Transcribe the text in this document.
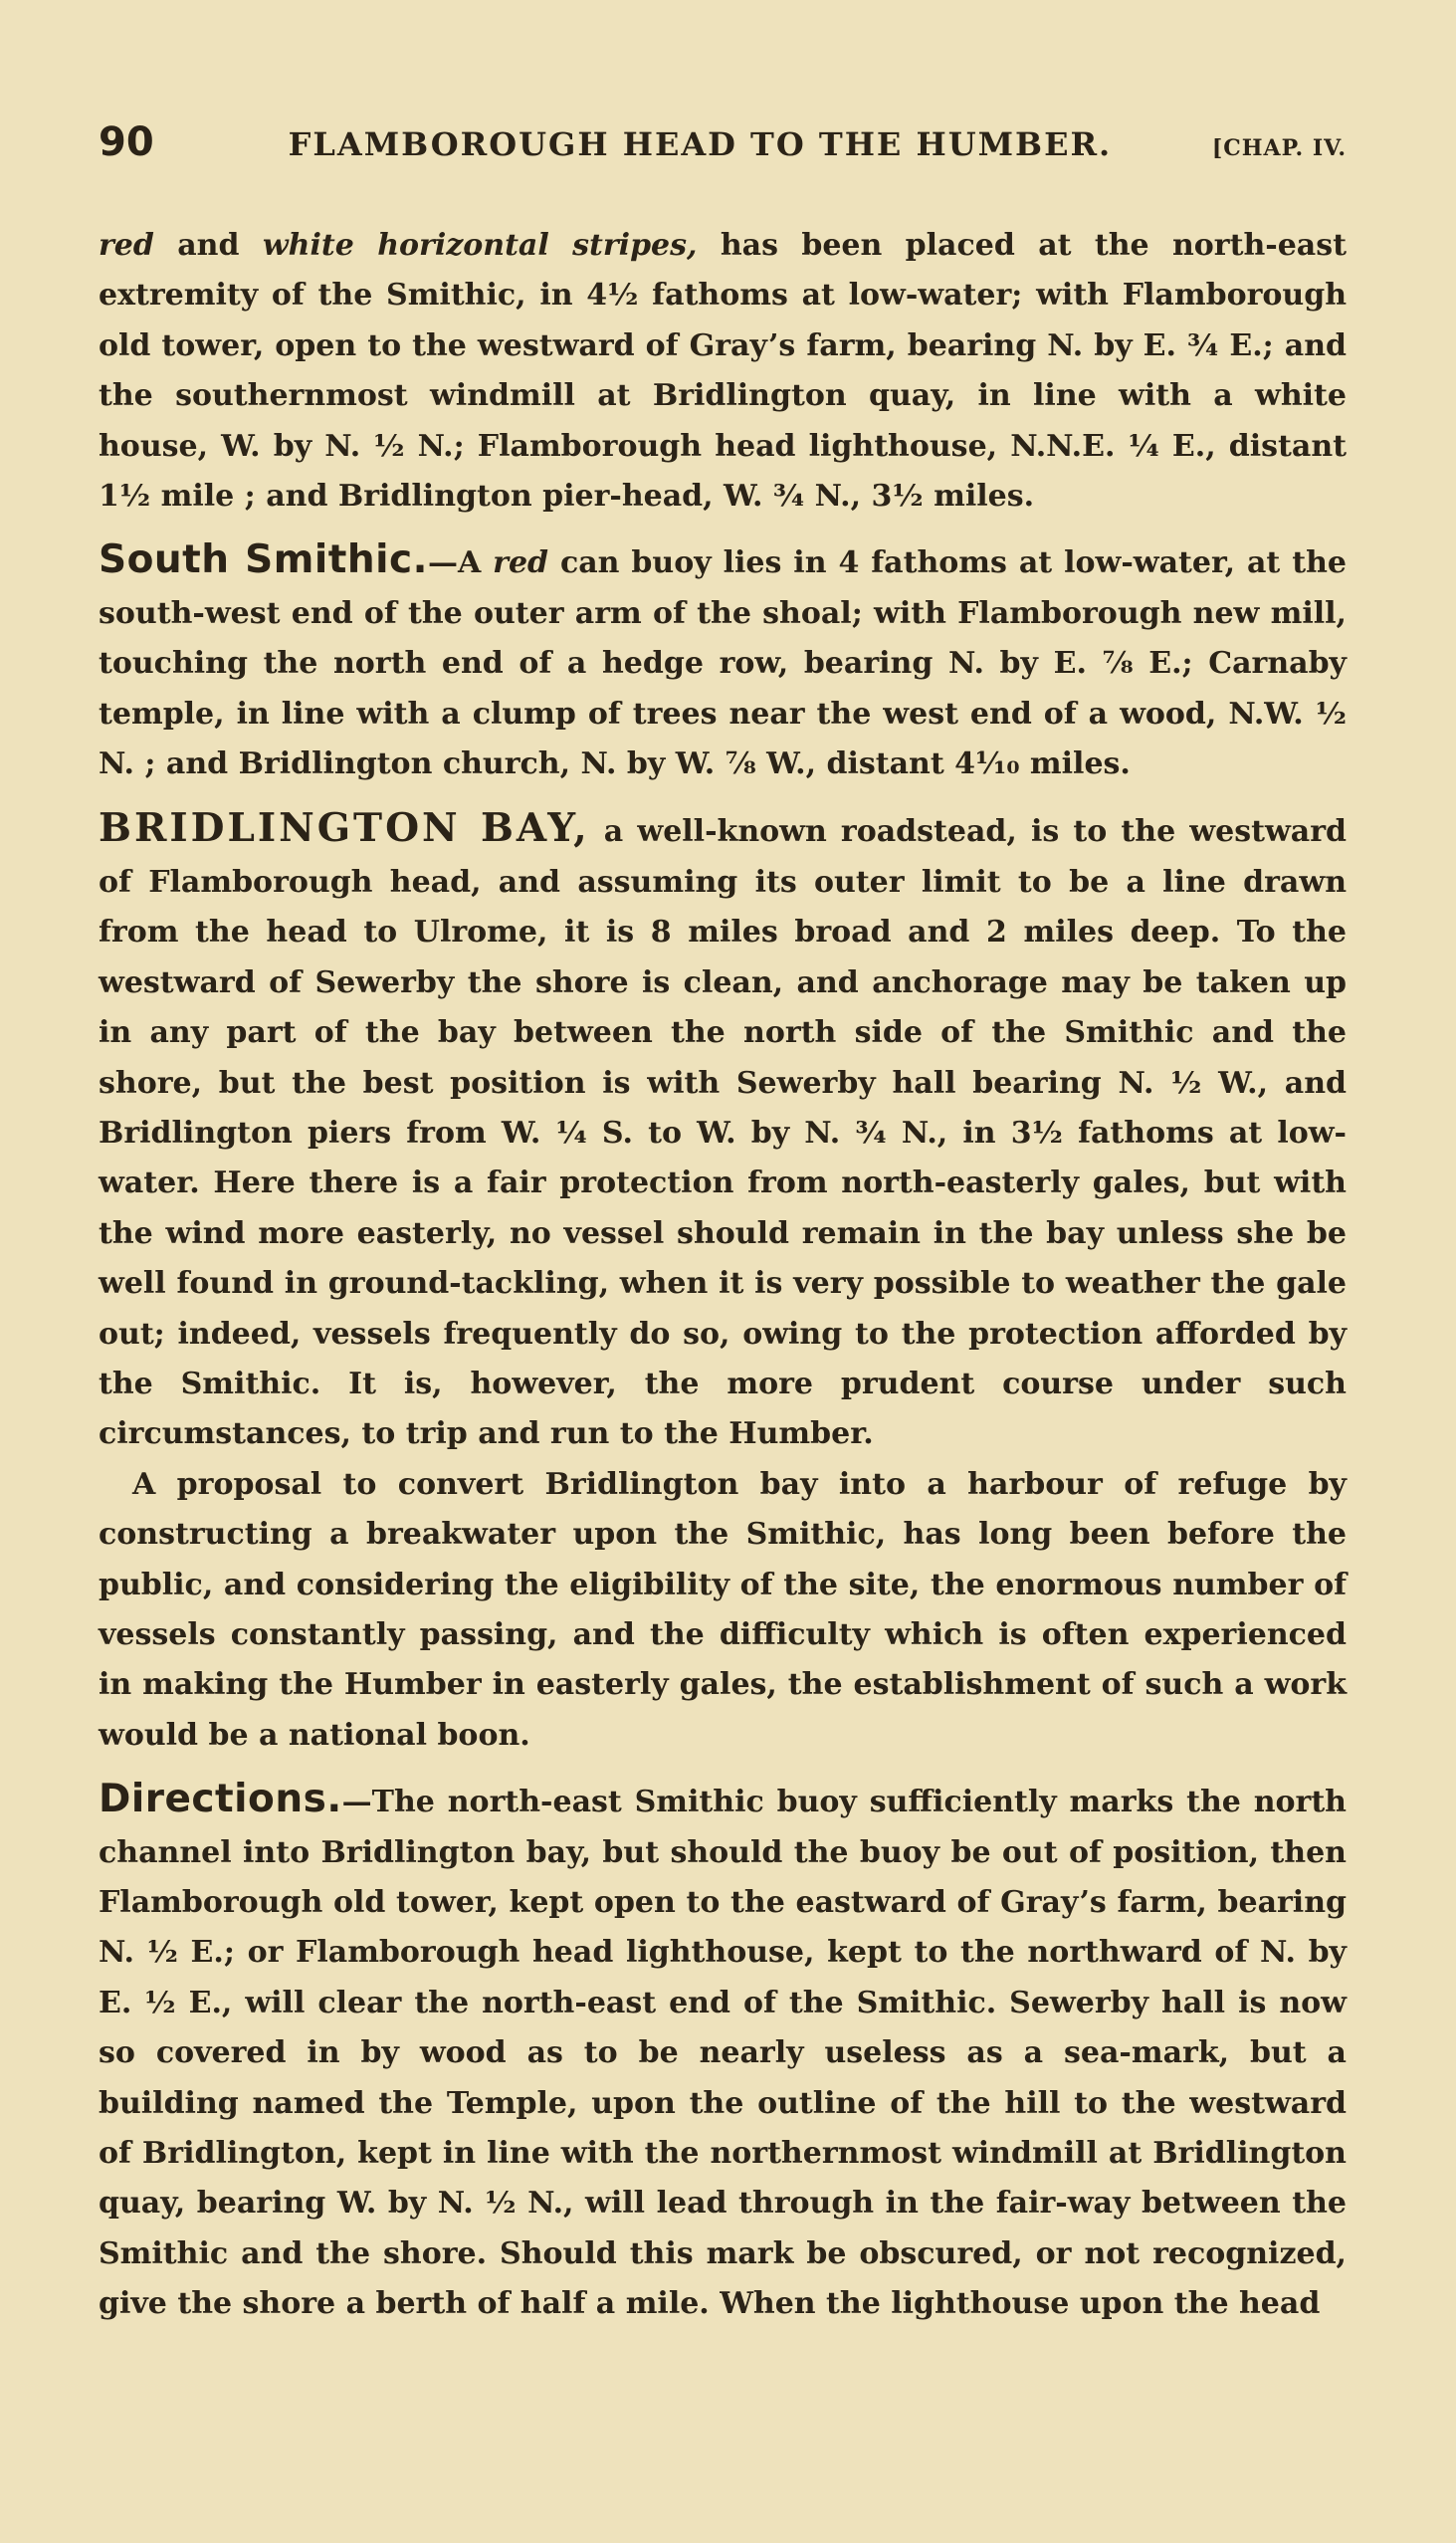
90	FLAMBOROUGH HEAD TO THE HUMBER.	[CHAP. IV.

red and white horizontal stripes, has been placed at the north-east extremity of the Smithic, in 4½ fathoms at low-water; with Flamborough old tower, open to the westward of Gray’s farm, bearing N. by E. ¾ E.; and the southernmost windmill at Bridlington quay, in line with a white house, W. by N. ½ N.; Flamborough head lighthouse, N.N.E. ¼ E., distant 1½ mile ; and Bridlington pier-head, W. ¾ N., 3½ miles.

South Smithic.—A red can buoy lies in 4 fathoms at low-water, at the south-west end of the outer arm of the shoal; with Flamborough new mill, touching the north end of a hedge row, bearing N. by E. ⅞ E.; Carnaby temple, in line with a clump of trees near the west end of a wood, N.W. ½ N. ; and Bridlington church, N. by W. ⅞ W., distant 4¹⁄₁₀ miles.

BRIDLINGTON BAY, a well-known roadstead, is to the westward of Flamborough head, and assuming its outer limit to be a line drawn from the head to Ulrome, it is 8 miles broad and 2 miles deep. To the westward of Sewerby the shore is clean, and anchorage may be taken up in any part of the bay between the north side of the Smithic and the shore, but the best position is with Sewerby hall bearing N. ½ W., and Bridlington piers from W. ¼ S. to W. by N. ¾ N., in 3½ fathoms at low-water. Here there is a fair protection from north-easterly gales, but with the wind more easterly, no vessel should remain in the bay unless she be well found in ground-tackling, when it is very possible to weather the gale out; indeed, vessels frequently do so, owing to the protection afforded by the Smithic. It is, however, the more prudent course under such circumstances, to trip and run to the Humber.

A proposal to convert Bridlington bay into a harbour of refuge by constructing a breakwater upon the Smithic, has long been before the public, and considering the eligibility of the site, the enormous number of vessels constantly passing, and the difficulty which is often experienced in making the Humber in easterly gales, the establishment of such a work would be a national boon.

Directions.—The north-east Smithic buoy sufficiently marks the north channel into Bridlington bay, but should the buoy be out of position, then Flamborough old tower, kept open to the eastward of Gray’s farm, bearing N. ½ E.; or Flamborough head lighthouse, kept to the northward of N. by E. ½ E., will clear the north-east end of the Smithic. Sewerby hall is now so covered in by wood as to be nearly useless as a sea-mark, but a building named the Temple, upon the outline of the hill to the westward of Bridlington, kept in line with the northernmost windmill at Bridlington quay, bearing W. by N. ½ N., will lead through in the fair-way between the Smithic and the shore. Should this mark be obscured, or not recognized, give the shore a berth of half a mile. When the lighthouse upon the head
